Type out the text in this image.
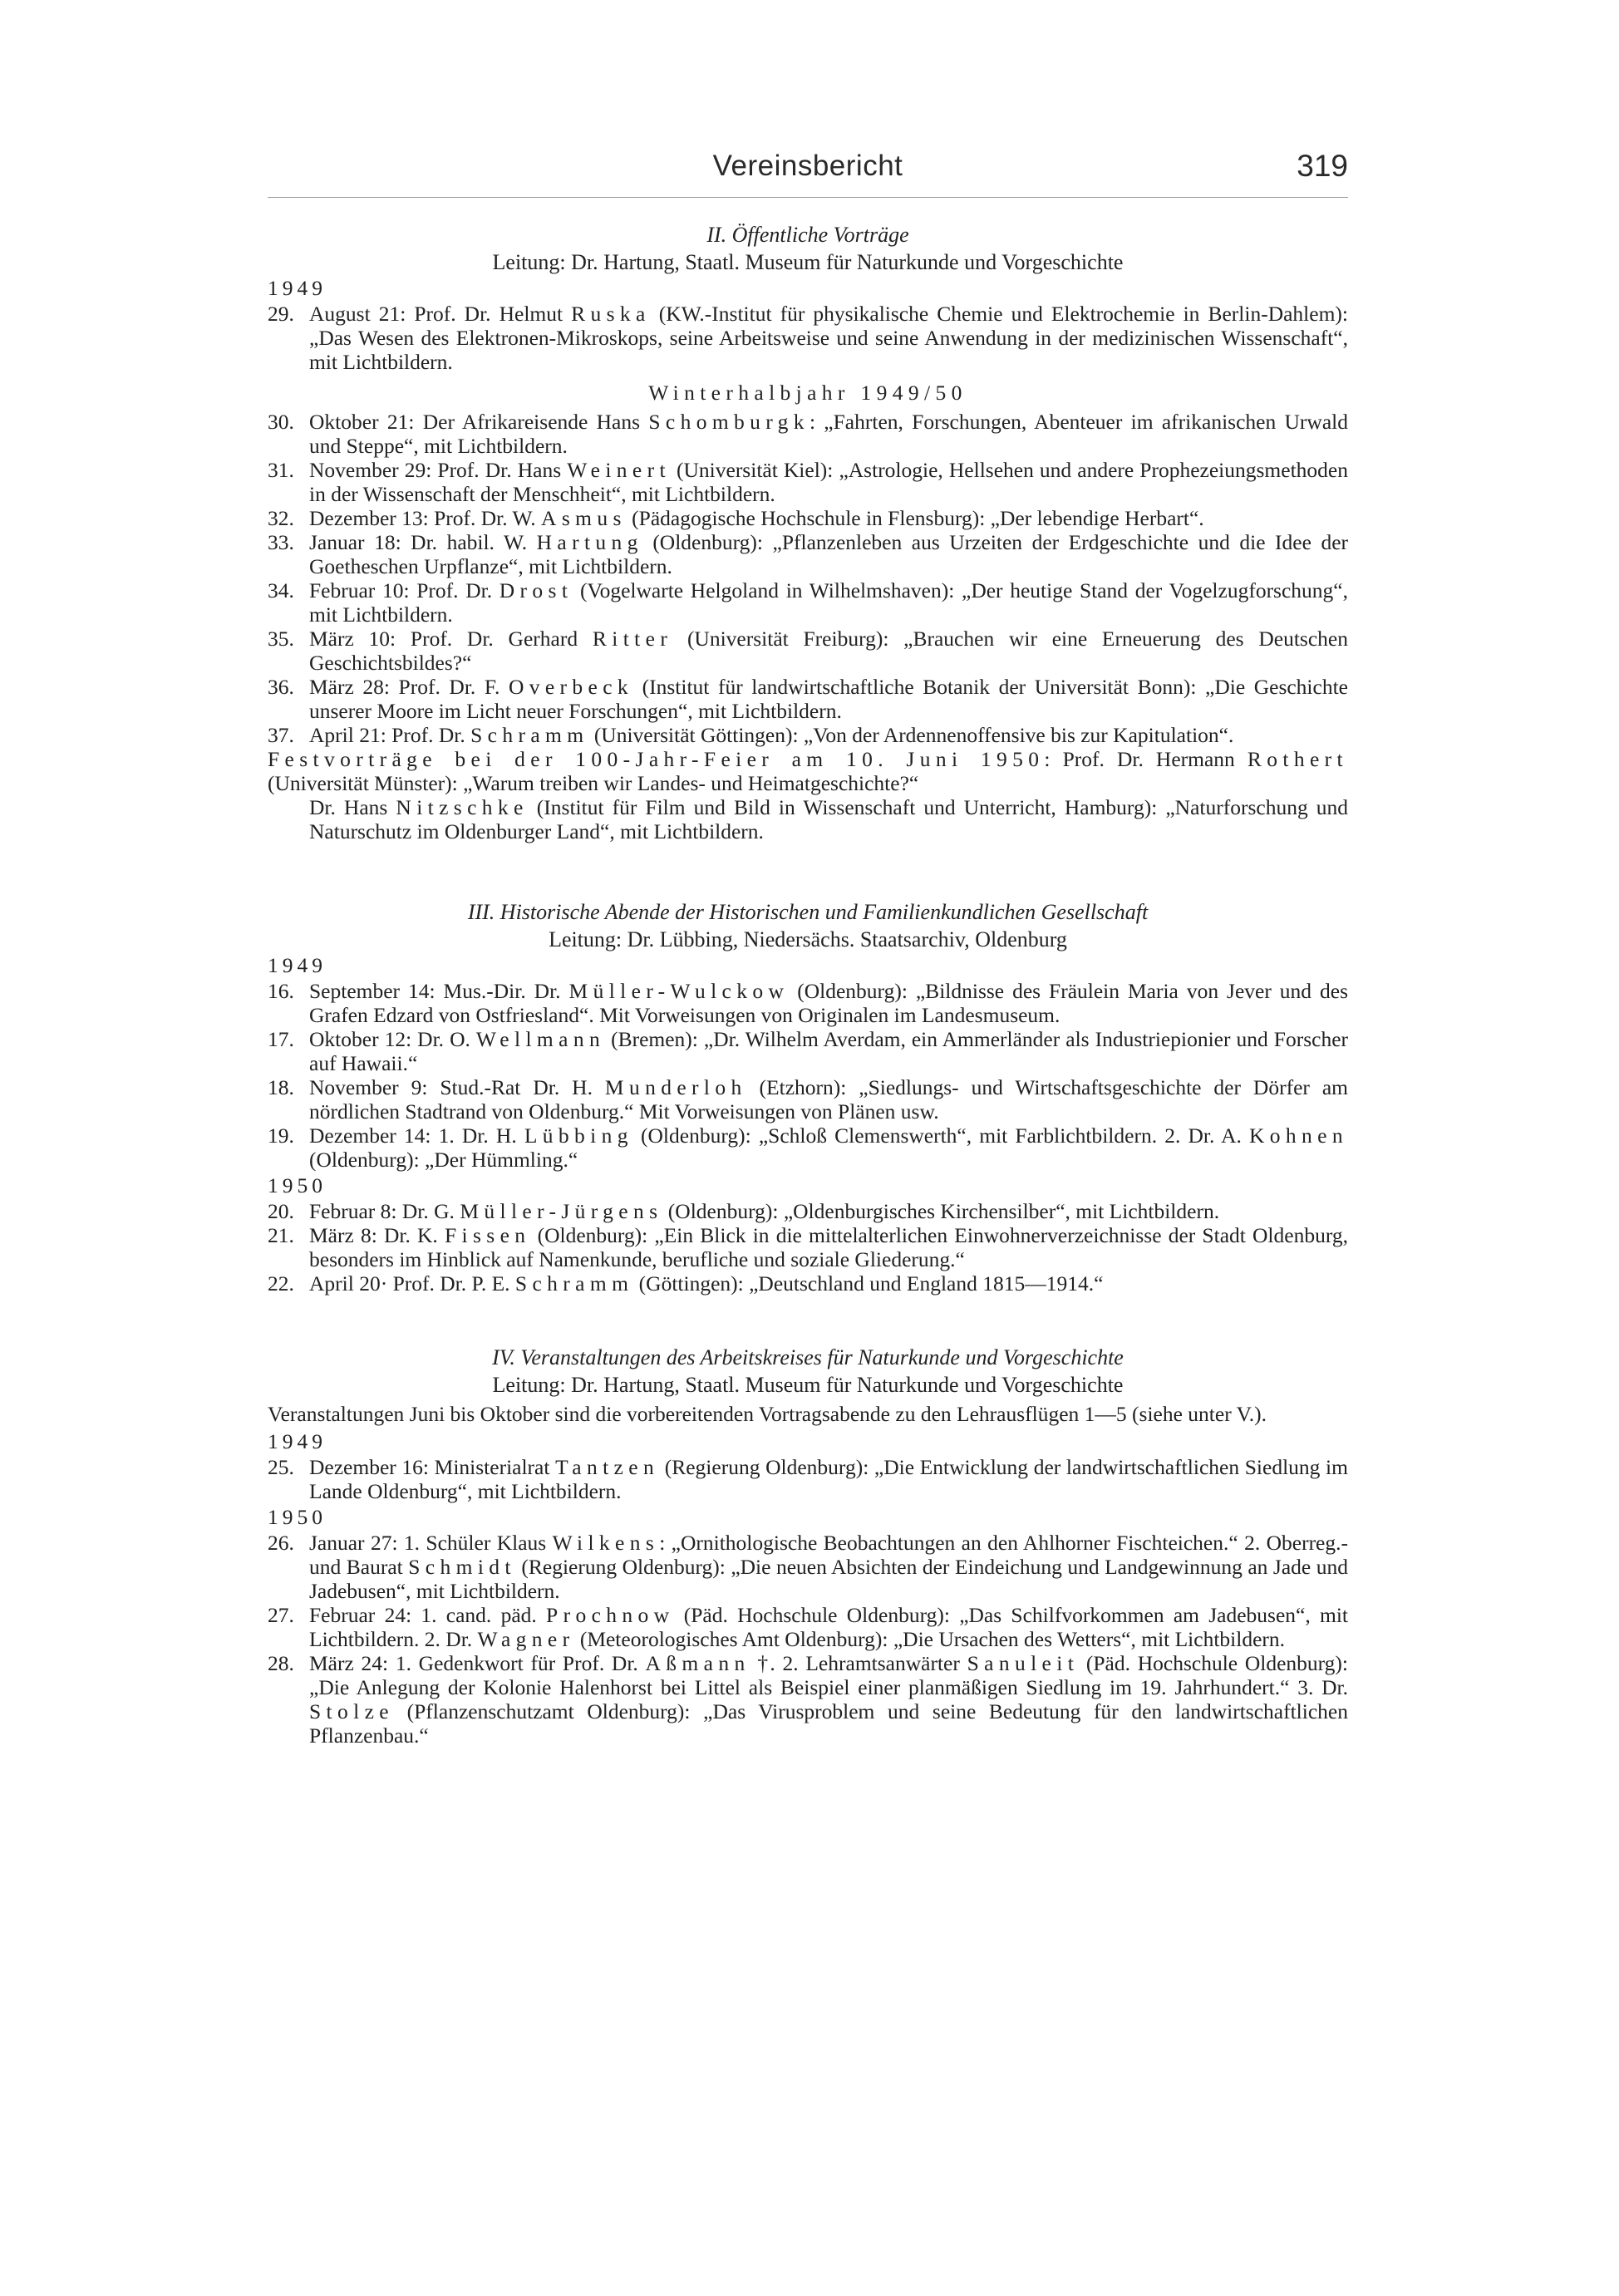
Vereinsbericht	319
II. Öffentliche Vorträge
Leitung: Dr. Hartung, Staatl. Museum für Naturkunde und Vorgeschichte
1949
29. August 21: Prof. Dr. Helmut Ruska (KW.-Institut für physikalische Chemie und Elektrochemie in Berlin-Dahlem): „Das Wesen des Elektronen-Mikroskops, seine Arbeitsweise und seine Anwendung in der medizinischen Wissenschaft“, mit Lichtbildern.
Winterhalbjahr 1949/50
30. Oktober 21: Der Afrikareisende Hans Schomburgk: „Fahrten, Forschungen, Abenteuer im afrikanischen Urwald und Steppe“, mit Lichtbildern.
31. November 29: Prof. Dr. Hans Weinert (Universität Kiel): „Astrologie, Hellsehen und andere Prophezeiungsmethoden in der Wissenschaft der Menschheit“, mit Lichtbildern.
32. Dezember 13: Prof. Dr. W. Asmus (Pädagogische Hochschule in Flensburg): „Der lebendige Herbart“.
33. Januar 18: Dr. habil. W. Hartung (Oldenburg): „Pflanzenleben aus Urzeiten der Erdgeschichte und die Idee der Goetheschen Urpflanze“, mit Lichtbildern.
34. Februar 10: Prof. Dr. Drost (Vogelwarte Helgoland in Wilhelmshaven): „Der heutige Stand der Vogelzugforschung“, mit Lichtbildern.
35. März 10: Prof. Dr. Gerhard Ritter (Universität Freiburg): „Brauchen wir eine Erneuerung des Deutschen Geschichtsbildes?“
36. März 28: Prof. Dr. F. Overbeck (Institut für landwirtschaftliche Botanik der Universität Bonn): „Die Geschichte unserer Moore im Licht neuer Forschungen“, mit Lichtbildern.
37. April 21: Prof. Dr. Schramm (Universität Göttingen): „Von der Ardennenoffensive bis zur Kapitulation“.
Festvorträge bei der 100-Jahr-Feier am 10. Juni 1950: Prof. Dr. Hermann Rothert (Universität Münster): „Warum treiben wir Landes- und Heimatgeschichte?“
Dr. Hans Nitzschke (Institut für Film und Bild in Wissenschaft und Unterricht, Hamburg): „Naturforschung und Naturschutz im Oldenburger Land“, mit Lichtbildern.
III. Historische Abende der Historischen und Familienkundlichen Gesellschaft
Leitung: Dr. Lübbing, Niedersächs. Staatsarchiv, Oldenburg
1949
16. September 14: Mus.-Dir. Dr. Müller-Wulckow (Oldenburg): „Bildnisse des Fräulein Maria von Jever und des Grafen Edzard von Ostfriesland“. Mit Vorweisungen von Originalen im Landesmuseum.
17. Oktober 12: Dr. O. Wellmann (Bremen): „Dr. Wilhelm Averdam, ein Ammerländer als Industriepionier und Forscher auf Hawaii.“
18. November 9: Stud.-Rat Dr. H. Munderloh (Etzhorn): „Siedlungs- und Wirtschaftsgeschichte der Dörfer am nördlichen Stadtrand von Oldenburg.“ Mit Vorweisungen von Plänen usw.
19. Dezember 14: 1. Dr. H. Lübbing (Oldenburg): „Schloß Clemenswerth“, mit Farblichtbildern. 2. Dr. A. Kohnen (Oldenburg): „Der Hümmling.“
1950
20. Februar 8: Dr. G. Müller-Jürgens (Oldenburg): „Oldenburgisches Kirchensilber“, mit Lichtbildern.
21. März 8: Dr. K. Fissen (Oldenburg): „Ein Blick in die mittelalterlichen Einwohnerverzeichnisse der Stadt Oldenburg, besonders im Hinblick auf Namenkunde, berufliche und soziale Gliederung.“
22. April 20· Prof. Dr. P. E. Schramm (Göttingen): „Deutschland und England 1815—1914.“
IV. Veranstaltungen des Arbeitskreises für Naturkunde und Vorgeschichte
Leitung: Dr. Hartung, Staatl. Museum für Naturkunde und Vorgeschichte
Veranstaltungen Juni bis Oktober sind die vorbereitenden Vortragsabende zu den Lehrausflügen 1—5 (siehe unter V.).
1949
25. Dezember 16: Ministerialrat Tantzen (Regierung Oldenburg): „Die Entwicklung der landwirtschaftlichen Siedlung im Lande Oldenburg“, mit Lichtbildern.
1950
26. Januar 27: 1. Schüler Klaus Wilkens: „Ornithologische Beobachtungen an den Ahlhorner Fischteichen.“ 2. Oberreg.- und Baurat Schmidt (Regierung Oldenburg): „Die neuen Absichten der Eindeichung und Landgewinnung an Jade und Jadebusen“, mit Lichtbildern.
27. Februar 24: 1. cand. päd. Prochnow (Päd. Hochschule Oldenburg): „Das Schilfvorkommen am Jadebusen“, mit Lichtbildern. 2. Dr. Wagner (Meteorologisches Amt Oldenburg): „Die Ursachen des Wetters“, mit Lichtbildern.
28. März 24: 1. Gedenkwort für Prof. Dr. Aßmann †. 2. Lehramtsanwärter Sanuleit (Päd. Hochschule Oldenburg): „Die Anlegung der Kolonie Halenhorst bei Littel als Beispiel einer planmäßigen Siedlung im 19. Jahrhundert.“ 3. Dr. Stolze (Pflanzenschutzamt Oldenburg): „Das Virusproblem und seine Bedeutung für den landwirtschaftlichen Pflanzenbau.“
